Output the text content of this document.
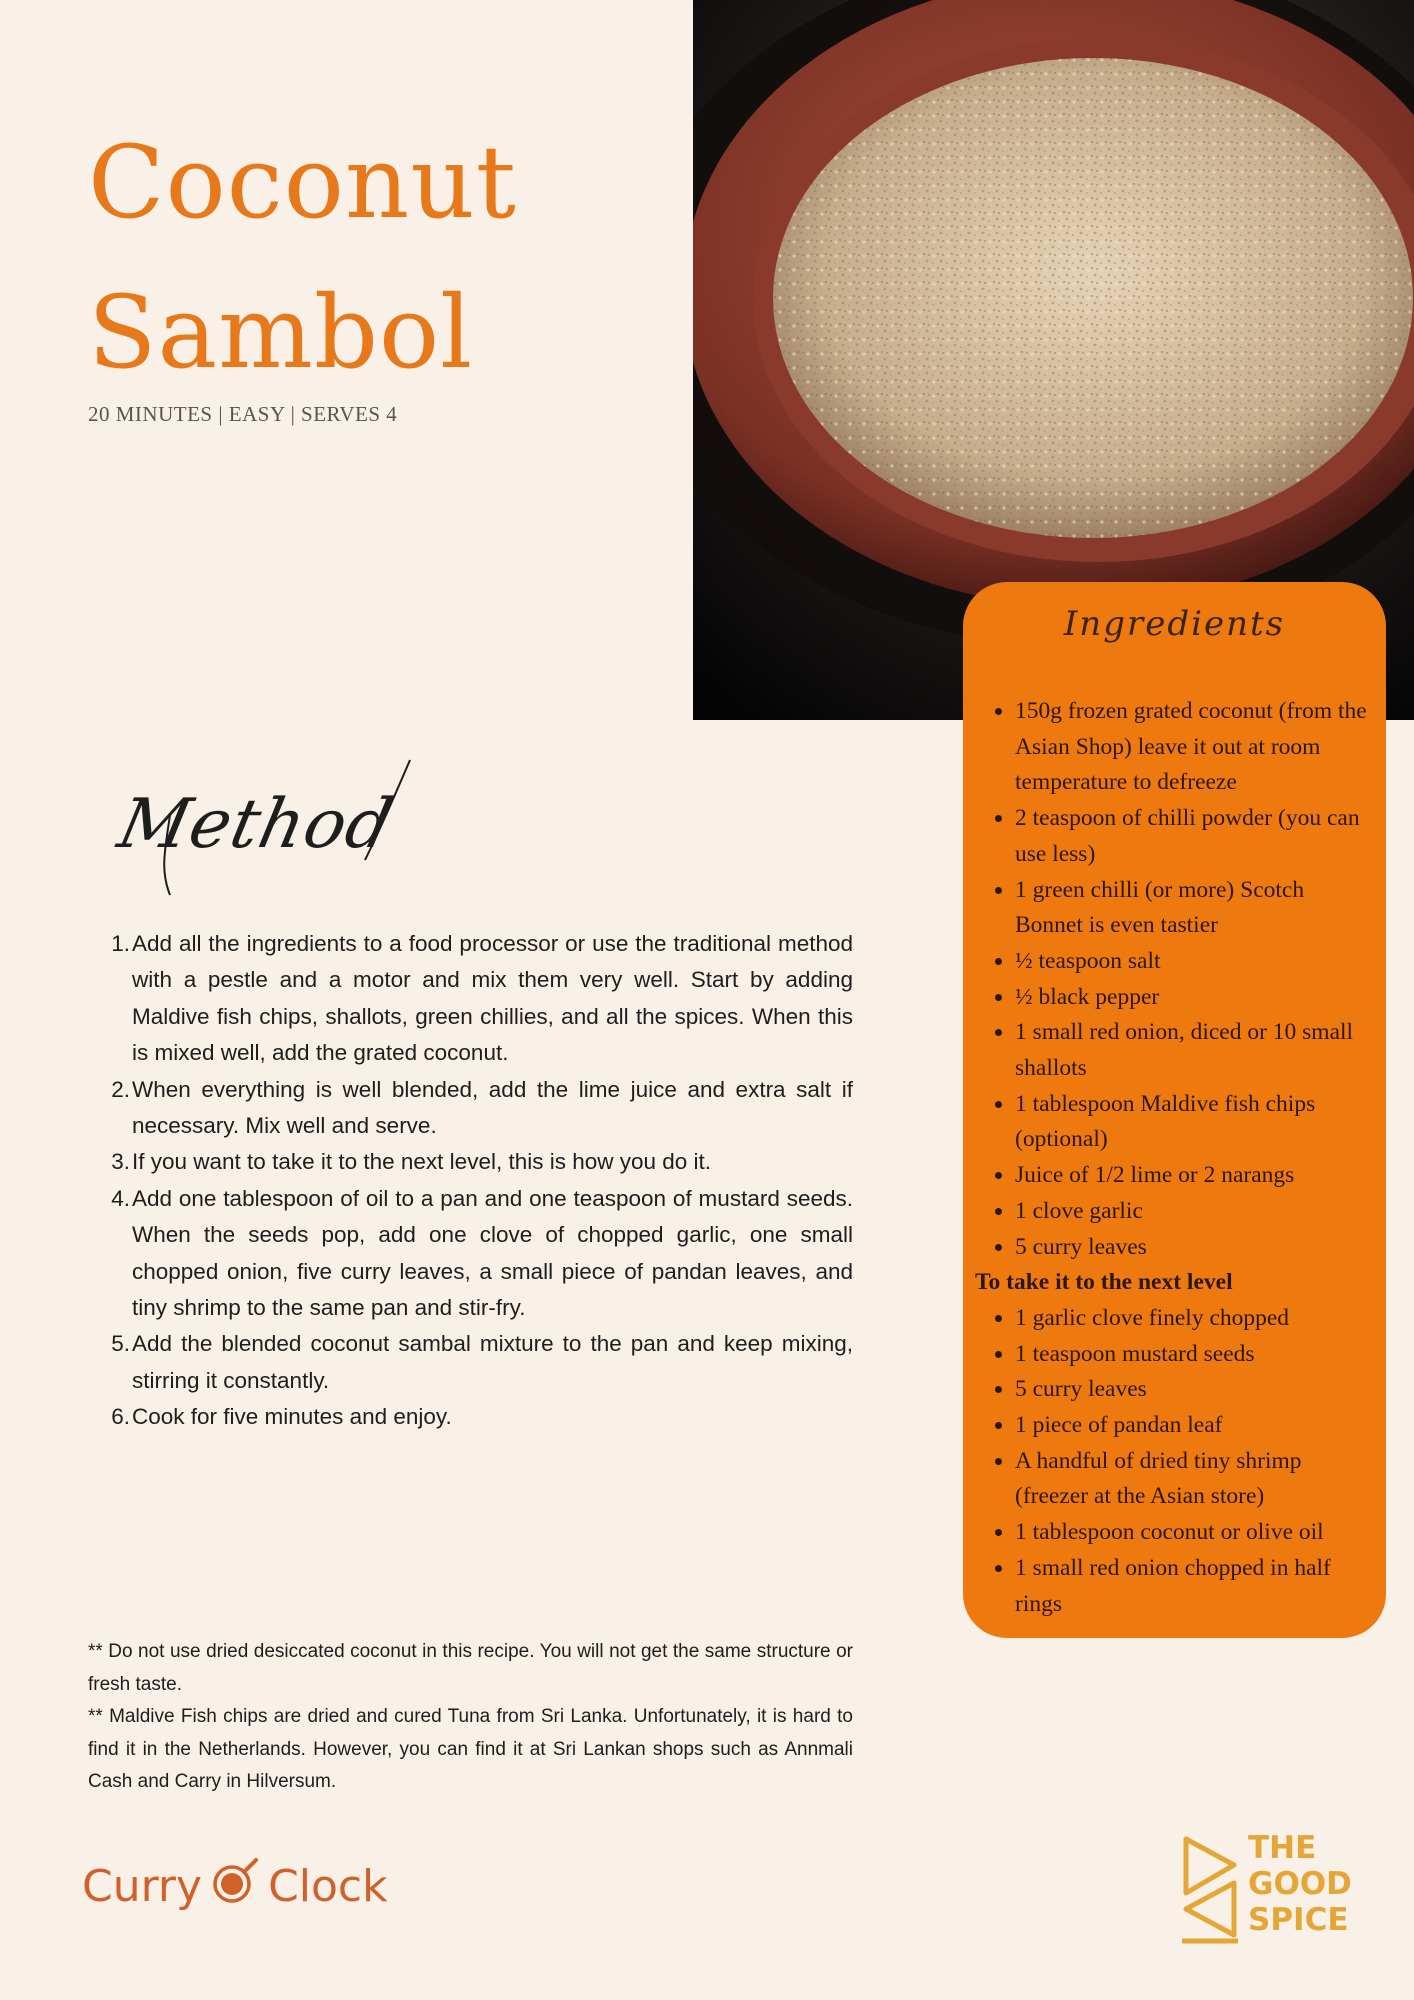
Coconut
Sambol
20 MINUTES | EASY | SERVES 4
Method
1. Add all the ingredients to a food processor or use the traditional method with a pestle and a motor and mix them very well. Start by adding Maldive fish chips, shallots, green chillies, and all the spices. When this is mixed well, add the grated coconut.
2. When everything is well blended, add the lime juice and extra salt if necessary. Mix well and serve.
3. If you want to take it to the next level, this is how you do it.
4. Add one tablespoon of oil to a pan and one teaspoon of mustard seeds. When the seeds pop, add one clove of chopped garlic, one small chopped onion, five curry leaves, a small piece of pandan leaves, and tiny shrimp to the same pan and stir-fry.
5. Add the blended coconut sambal mixture to the pan and keep mixing, stirring it constantly.
6. Cook for five minutes and enjoy.

** Do not use dried desiccated coconut in this recipe. You will not get the same structure or fresh taste.

** Maldive Fish chips are dried and cured Tuna from Sri Lanka. Unfortunately, it is hard to find it in the Netherlands. However, you can find it at Sri Lankan shops such as Annmali Cash and Carry in Hilversum.

Ingredients
• 150g frozen grated coconut (from the Asian Shop) leave it out at room temperature to defreeze
• 2 teaspoon of chilli powder (you can use less)
• 1 green chilli (or more) Scotch Bonnet is even tastier
• ½ teaspoon salt
• ½ black pepper
• 1 small red onion, diced or 10 small shallots
• 1 tablespoon Maldive fish chips (optional)
• Juice of 1/2 lime or 2 narangs
• 1 clove garlic
• 5 curry leaves
To take it to the next level
• 1 garlic clove finely chopped
• 1 teaspoon mustard seeds
• 5 curry leaves
• 1 piece of pandan leaf
• A handful of dried tiny shrimp (freezer at the Asian store)
• 1 tablespoon coconut or olive oil
• 1 small red onion chopped in half rings
Curry Clock
THE
GOOD
SPICE
